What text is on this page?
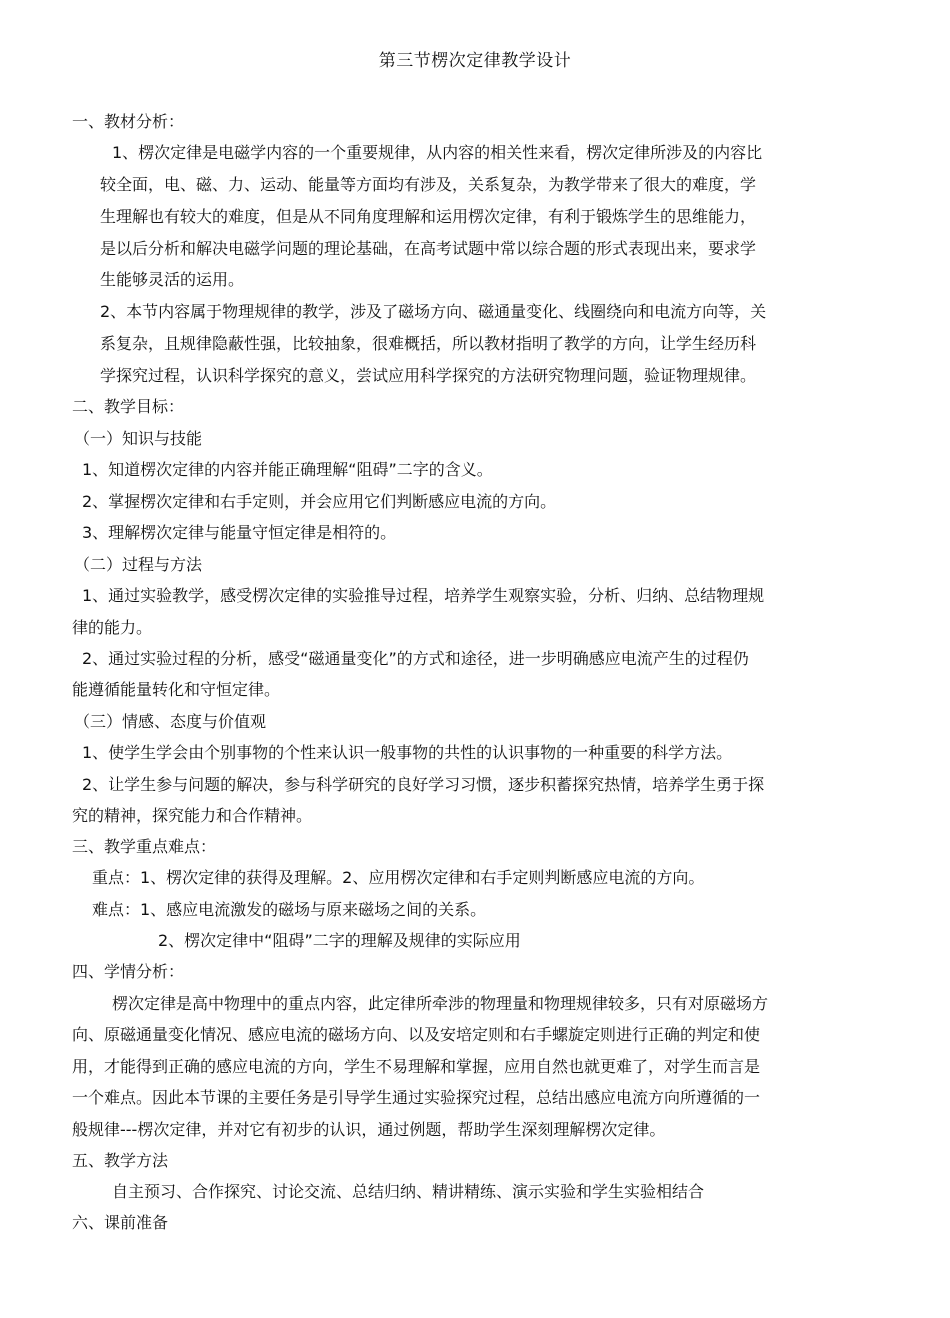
第三节楞次定律教学设计
一、教材分析：
1、楞次定律是电磁学内容的一个重要规律，从内容的相关性来看，楞次定律所涉及的内容比
较全面，电、磁、力、运动、能量等方面均有涉及，关系复杂，为教学带来了很大的难度，学
生理解也有较大的难度，但是从不同角度理解和运用楞次定律，有利于锻炼学生的思维能力，
是以后分析和解决电磁学问题的理论基础，在高考试题中常以综合题的形式表现出来，要求学
生能够灵活的运用。
2、本节内容属于物理规律的教学，涉及了磁场方向、磁通量变化、线圈绕向和电流方向等，关
系复杂，且规律隐蔽性强，比较抽象，很难概括，所以教材指明了教学的方向，让学生经历科
学探究过程，认识科学探究的意义，尝试应用科学探究的方法研究物理问题，验证物理规律。
二、教学目标：
（一）知识与技能
1、知道楞次定律的内容并能正确理解“阻碍”二字的含义。
2、掌握楞次定律和右手定则，并会应用它们判断感应电流的方向。
3、理解楞次定律与能量守恒定律是相符的。
（二）过程与方法
1、通过实验教学，感受楞次定律的实验推导过程，培养学生观察实验，分析、归纳、总结物理规
律的能力。
2、通过实验过程的分析，感受“磁通量变化”的方式和途径，进一步明确感应电流产生的过程仍
能遵循能量转化和守恒定律。
（三）情感、态度与价值观
1、使学生学会由个别事物的个性来认识一般事物的共性的认识事物的一种重要的科学方法。
2、让学生参与问题的解决，参与科学研究的良好学习习惯，逐步积蓄探究热情，培养学生勇于探
究的精神，探究能力和合作精神。
三、教学重点难点：
重点：1、楞次定律的获得及理解。2、应用楞次定律和右手定则判断感应电流的方向。
难点：1、感应电流激发的磁场与原来磁场之间的关系。
2、楞次定律中“阻碍”二字的理解及规律的实际应用
四、学情分析：
楞次定律是高中物理中的重点内容，此定律所牵涉的物理量和物理规律较多，只有对原磁场方
向、原磁通量变化情况、感应电流的磁场方向、以及安培定则和右手螺旋定则进行正确的判定和使
用，才能得到正确的感应电流的方向，学生不易理解和掌握，应用自然也就更难了，对学生而言是
一个难点。因此本节课的主要任务是引导学生通过实验探究过程，总结出感应电流方向所遵循的一
般规律---楞次定律，并对它有初步的认识，通过例题，帮助学生深刻理解楞次定律。
五、教学方法
自主预习、合作探究、讨论交流、总结归纳、精讲精练、演示实验和学生实验相结合
六、课前准备
